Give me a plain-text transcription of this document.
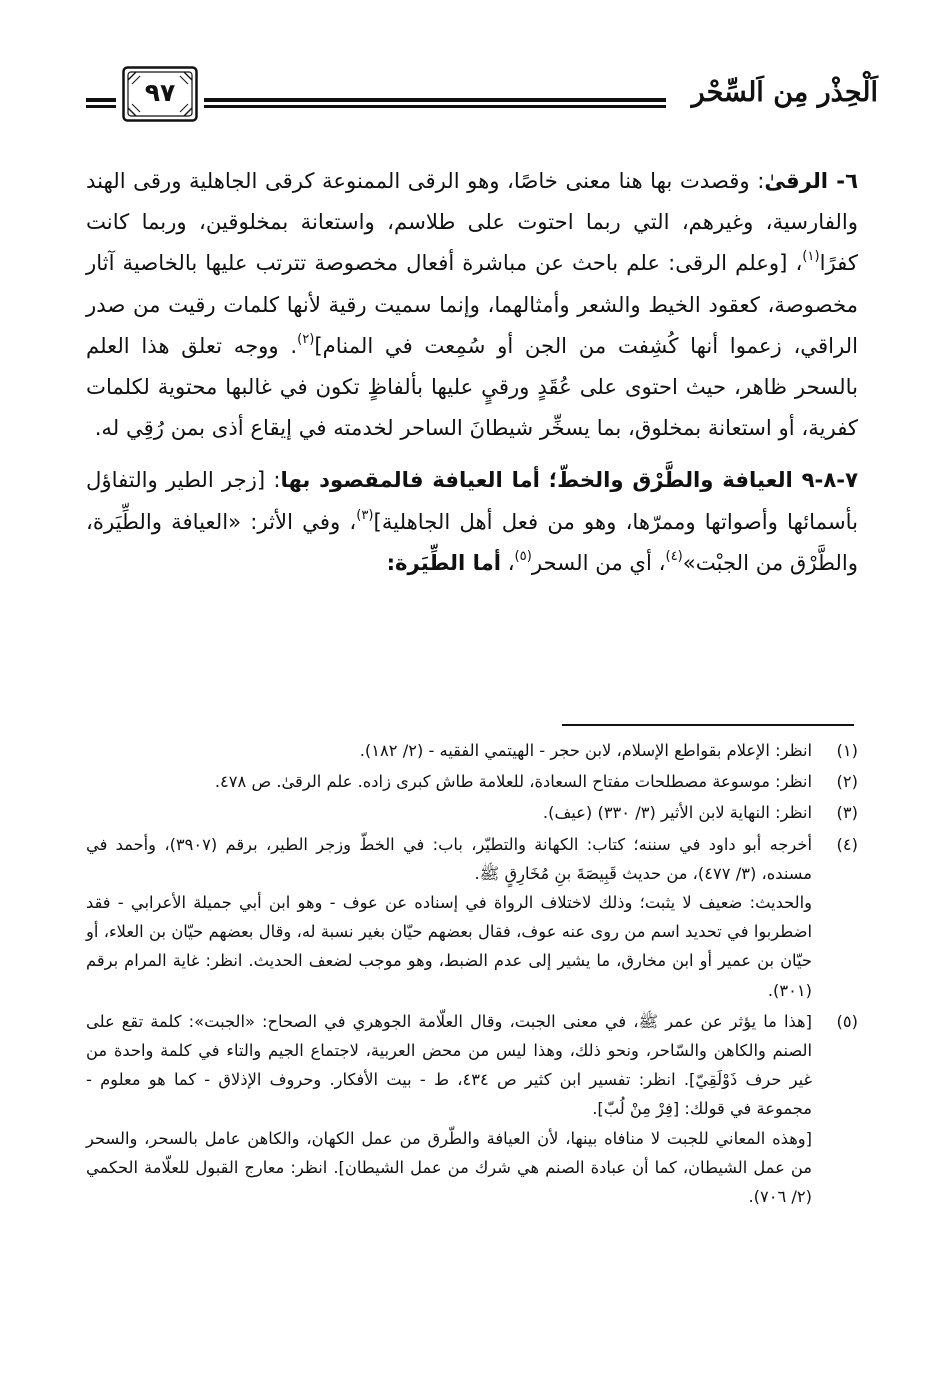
٩٧	اَلْحِذْر مِن اَلسِّحْر

٦- الرقىٰ: وقصدت بها هنا معنى خاصًا، وهو الرقى الممنوعة كرقى الجاهلية ورقى الهند والفارسية، وغيرهم، التي ربما احتوت على طلاسم، واستعانة بمخلوقين، وربما كانت كفرًا$^{(١)}$، [وعلم الرقى: علم باحث عن مباشرة أفعال مخصوصة تترتب عليها بالخاصية آثار مخصوصة، كعقود الخيط والشعر وأمثالهما، وإنما سميت رقية لأنها كلمات رقيت من صدر الراقي، زعموا أنها كُشِفت من الجن أو سُمِعت في المنام]$^{(٢)}$. ووجه تعلق هذا العلم بالسحر ظاهر، حيث احتوى على عُقَدٍ ورقيٍ عليها بألفاظٍ تكون في غالبها محتوية لكلمات كفرية، أو استعانة بمخلوق، بما يسخِّر شيطانَ الساحر لخدمته في إيقاع أذى بمن رُقِي له.

٧-٨-٩ العيافة والطَّرْق والخطّ؛ أما العيافة فالمقصود بها: [زجر الطير والتفاؤل بأسمائها وأصواتها وممرّها، وهو من فعل أهل الجاهلية]$^{(٣)}$، وفي الأثر: «العيافة والطِّيَرة، والطَّرْق من الجبْت»$^{(٤)}$، أي من السحر$^{(٥)}$، أما الطِّيَرة:

(١)

انظر: الإعلام بقواطع الإسلام، لابن حجر - الهيتمي الفقيه - (٢/ ١٨٢).

(٢)

انظر: موسوعة مصطلحات مفتاح السعادة، للعلامة طاش كبرى زاده. علم الرقىٰ. ص ٤٧٨.

(٣)

انظر: النهاية لابن الأثير (٣/ ٣٣٠) (عيف).

(٤)

أخرجه أبو داود في سننه؛ كتاب: الكهانة والتطيّر، باب: في الخطّ وزجر الطير، برقم (٣٩٠٧)، وأحمد في مسنده، (٣/ ٤٧٧)، من حديث قَبِيصَةَ بنِ مُخَارِقٍ ﷺ.

والحديث: ضعيف لا يثبت؛ وذلك لاختلاف الرواة في إسناده عن عوف - وهو ابن أبي جميلة الأعرابي - فقد اضطربوا في تحديد اسم من روى عنه عوف، فقال بعضهم حيّان بغير نسبة له، وقال بعضهم حيّان بن العلاء، أو حيّان بن عمير أو ابن مخارق، ما يشير إلى عدم الضبط، وهو موجب لضعف الحديث. انظر: غاية المرام برقم (٣٠١).

(٥)

[هذا ما يؤثر عن عمر ﷺ، في معنى الجبت، وقال العلّامة الجوهري في الصحاح: «الجبت»: كلمة تقع على الصنم والكاهن والسّاحر، ونحو ذلك، وهذا ليس من محض العربية، لاجتماع الجيم والتاء في كلمة واحدة من غير حرف ذَوْلَقِيّ]. انظر: تفسير ابن كثير ص ٤٣٤، ط - بيت الأفكار. وحروف الإذلاق - كما هو معلوم - مجموعة في قولك: [فِرْ مِنْ لُبّ].

[وهذه المعاني للجبت لا منافاه بينها، لأن العيافة والطّرق من عمل الكهان، والكاهن عامل بالسحر، والسحر من عمل الشيطان، كما أن عبادة الصنم هي شرك من عمل الشيطان]. انظر: معارج القبول للعلّامة الحكمي (٢/ ٧٠٦).
